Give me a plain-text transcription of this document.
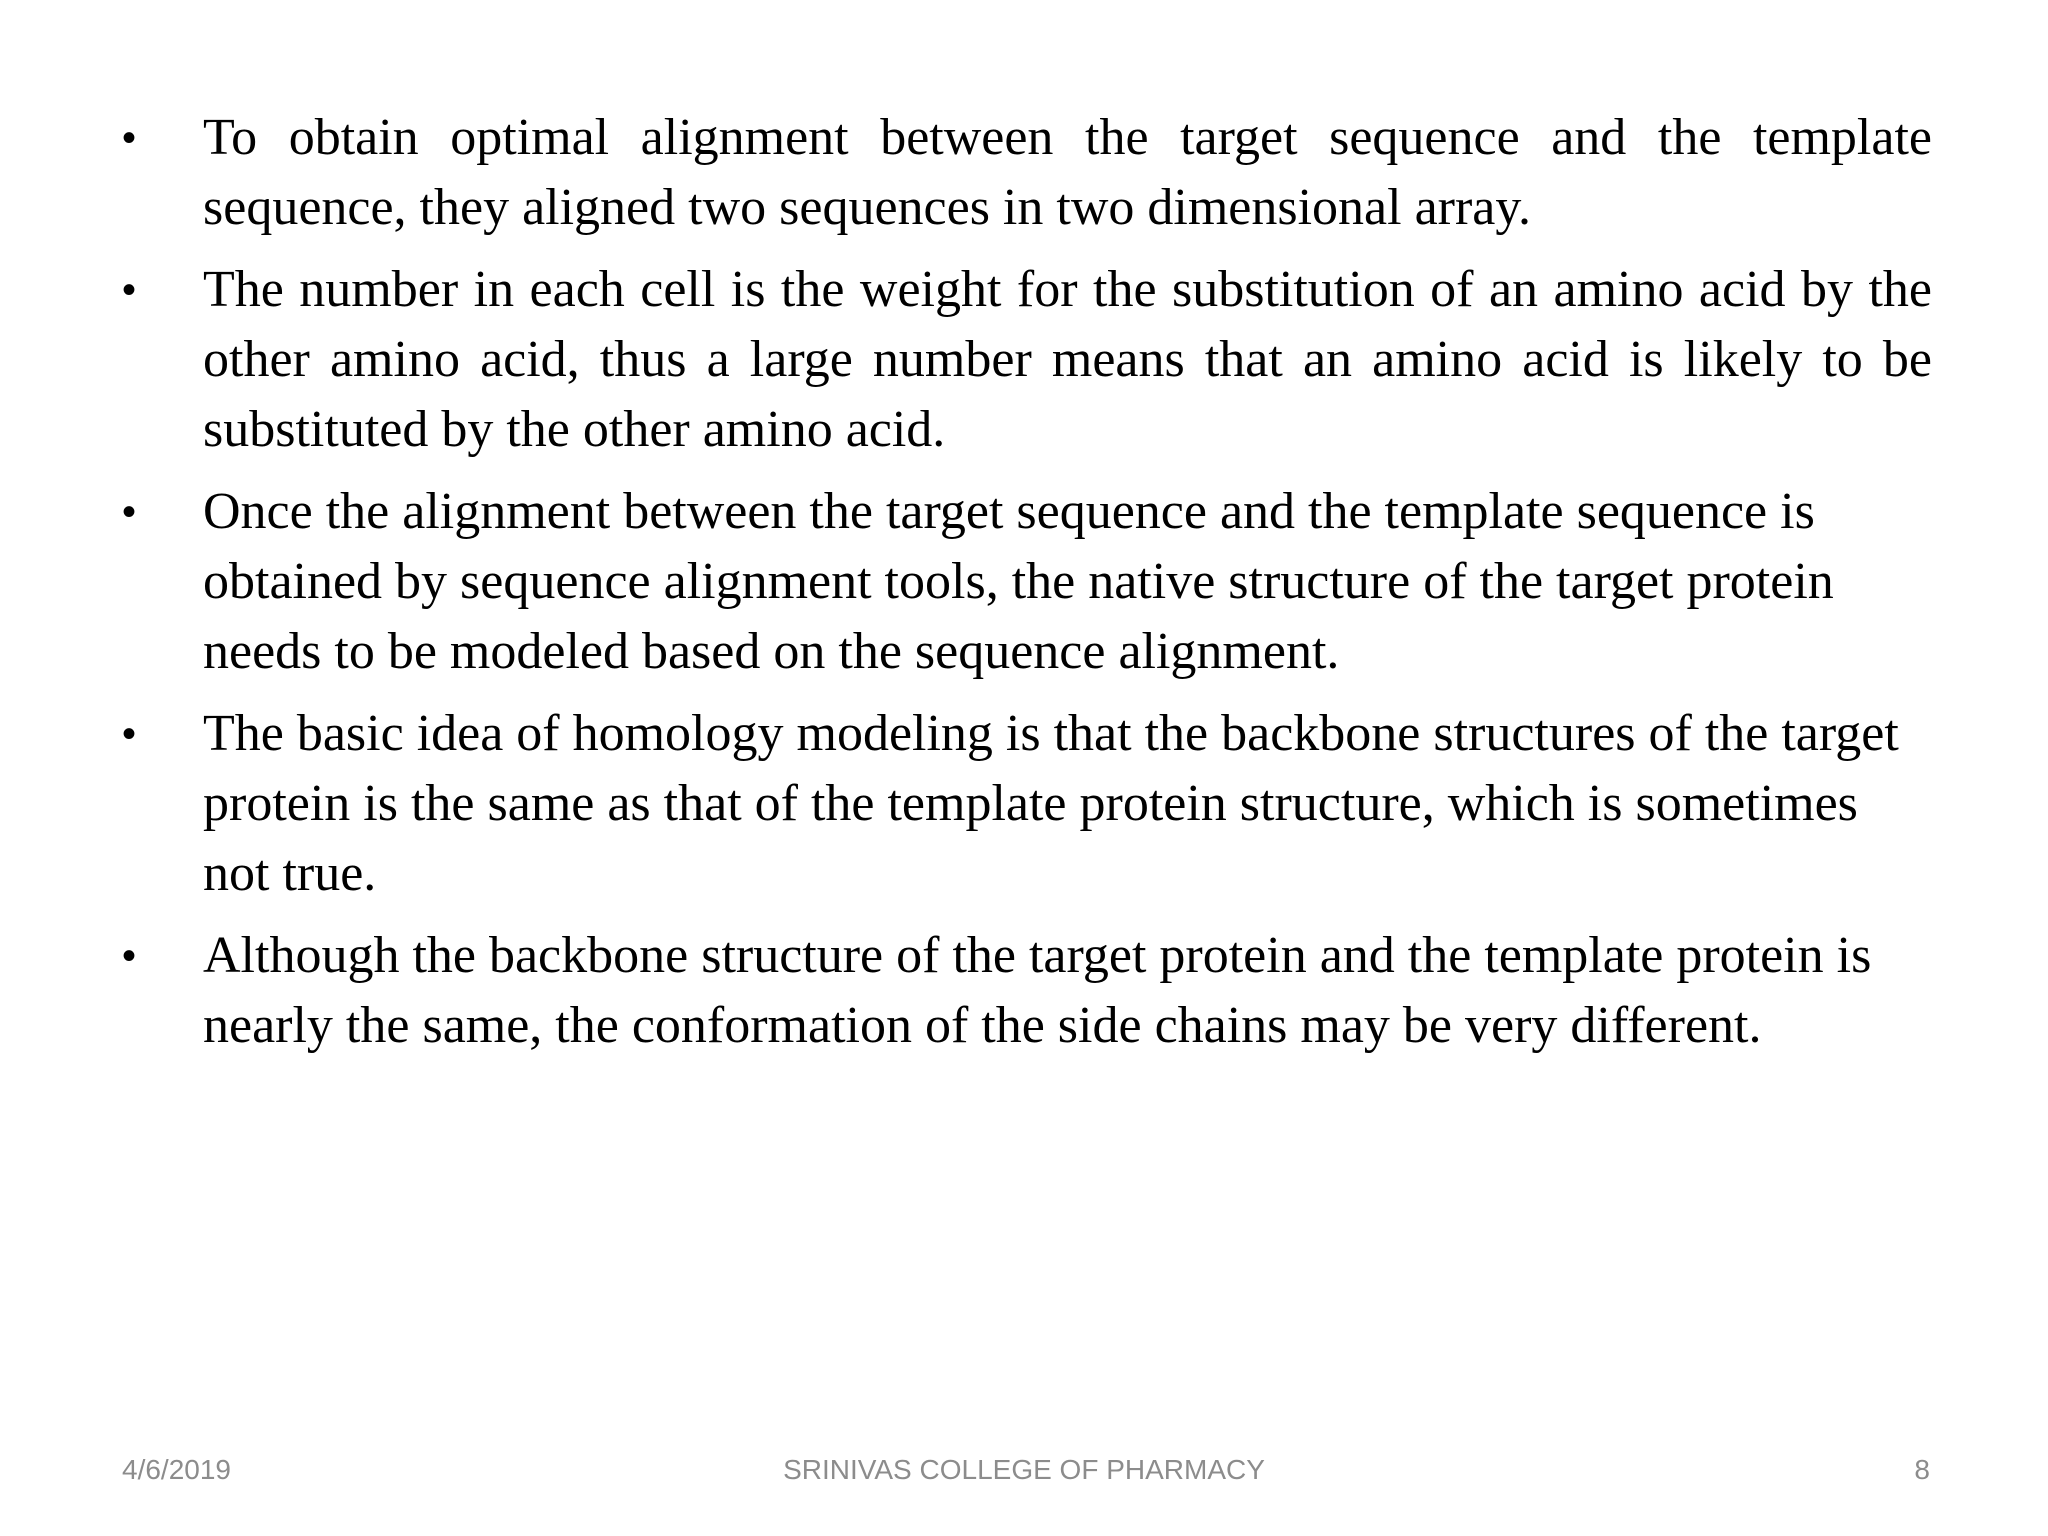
•	To obtain optimal alignment between the target sequence and the template sequence, they aligned two sequences in two dimensional array.
•	The number in each cell is the weight for the substitution of an amino acid by the other amino acid, thus a large number means that an amino acid is likely to be substituted by the other amino acid.
•	Once the alignment between the target sequence and the template sequence is obtained by sequence alignment tools, the native structure of the target protein needs to be modeled based on the sequence alignment.
•	The basic idea of homology modeling is that the backbone structures of the target protein is the same as that of the template protein structure, which is sometimes not true.
•	Although the backbone structure of the target protein and the template protein is nearly the same, the conformation of the side chains may be very different.
4/6/2019	SRINIVAS COLLEGE OF PHARMACY	8
